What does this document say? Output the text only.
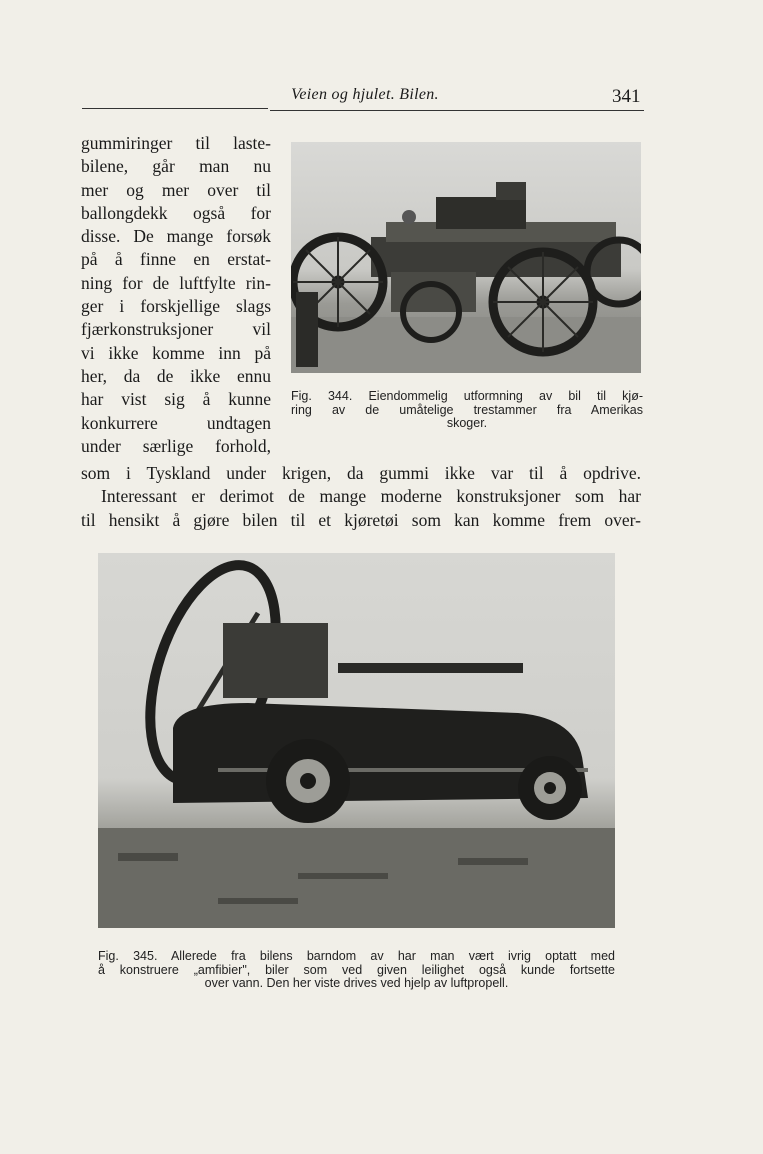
Veien og hjulet. Bilen.	341
gummiringer til laste-
bilene, går man nu
mer og mer over til
ballongdekk også for
disse. De mange forsøk
på å finne en erstat-
ning for de luftfylte rin-
ger i forskjellige slags
fjærkonstruksjoner vil
vi ikke komme inn på
her, da de ikke ennu
har vist sig å kunne
konkurrere undtagen
under særlige forhold,
som i Tyskland under krigen, da gummi ikke var til å opdrive.
Interessant er derimot de mange moderne konstruksjoner som har
til hensikt å gjøre bilen til et kjøretøi som kan komme frem over-
Fig. 344. Eiendommelig utformning av bil til kjø-
ring av de umåtelige trestammer fra Amerikas
skoger.
Fig. 345. Allerede fra bilens barndom av har man vært ivrig optatt med
å konstruere „amfibier", biler som ved given leilighet også kunde fortsette
over vann. Den her viste drives ved hjelp av luftpropell.
